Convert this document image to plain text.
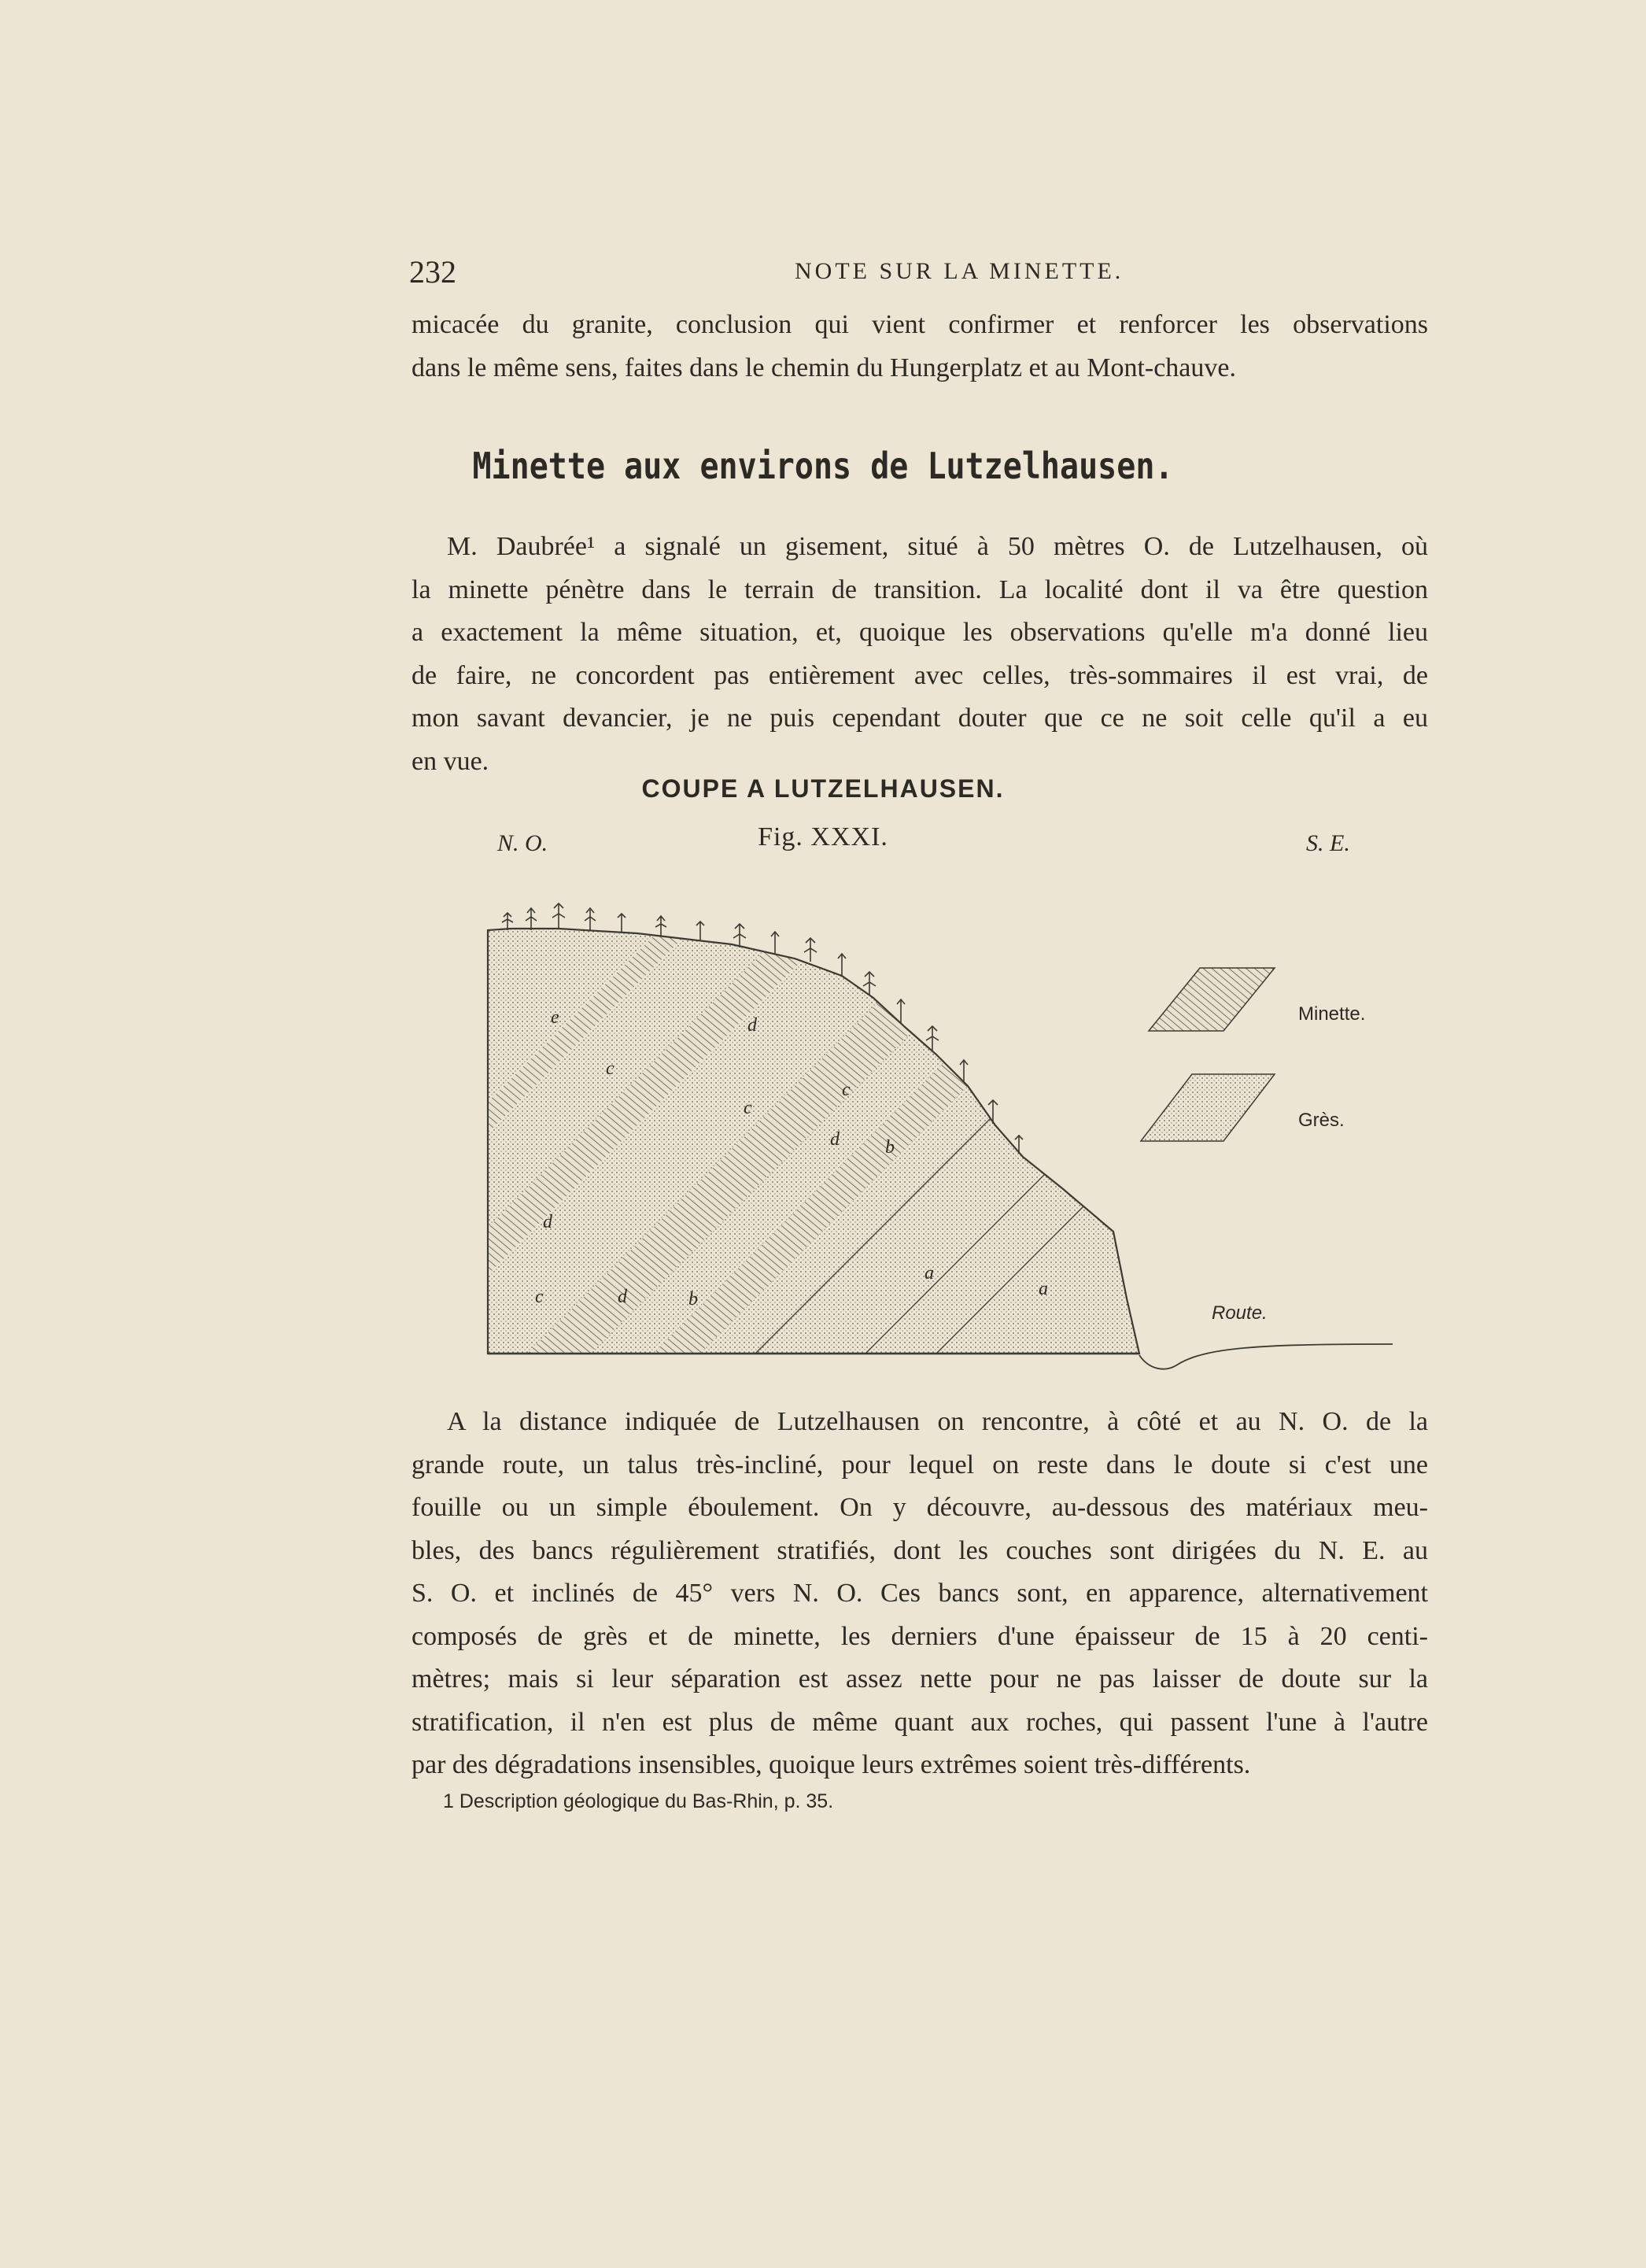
232	NOTE SUR LA MINETTE.

micacée du granite, conclusion qui vient confirmer et renforcer les observations

dans le même sens, faites dans le chemin du Hungerplatz et au Mont-chauve.

Minette aux environs de Lutzelhausen.

M. Daubrée¹ a signalé un gisement, situé à 50 mètres O. de Lutzelhausen, où

la minette pénètre dans le terrain de transition. La localité dont il va être question

a exactement la même situation, et, quoique les observations qu'elle m'a donné lieu

de faire, ne concordent pas entièrement avec celles, très-sommaires il est vrai, de

mon savant devancier, je ne puis cependant douter que ce ne soit celle qu'il a eu

en vue.

COUPE A LUTZELHAUSEN.
Fig. XXXI.
N. O.	S. E.
e
c
d
c	d
c
b
d
c
d b
a
a
Minette.
Grès.
Route.

A la distance indiquée de Lutzelhausen on rencontre, à côté et au N. O. de la

grande route, un talus très-incliné, pour lequel on reste dans le doute si c'est une

fouille ou un simple éboulement. On y découvre, au-dessous des matériaux meu-

bles, des bancs régulièrement stratifiés, dont les couches sont dirigées du N. E. au

S. O. et inclinés de 45° vers N. O. Ces bancs sont, en apparence, alternativement

composés de grès et de minette, les derniers d'une épaisseur de 15 à 20 centi-

mètres; mais si leur séparation est assez nette pour ne pas laisser de doute sur la

stratification, il n'en est plus de même quant aux roches, qui passent l'une à l'autre

par des dégradations insensibles, quoique leurs extrêmes soient très-différents.

1 Description géologique du Bas-Rhin, p. 35.
